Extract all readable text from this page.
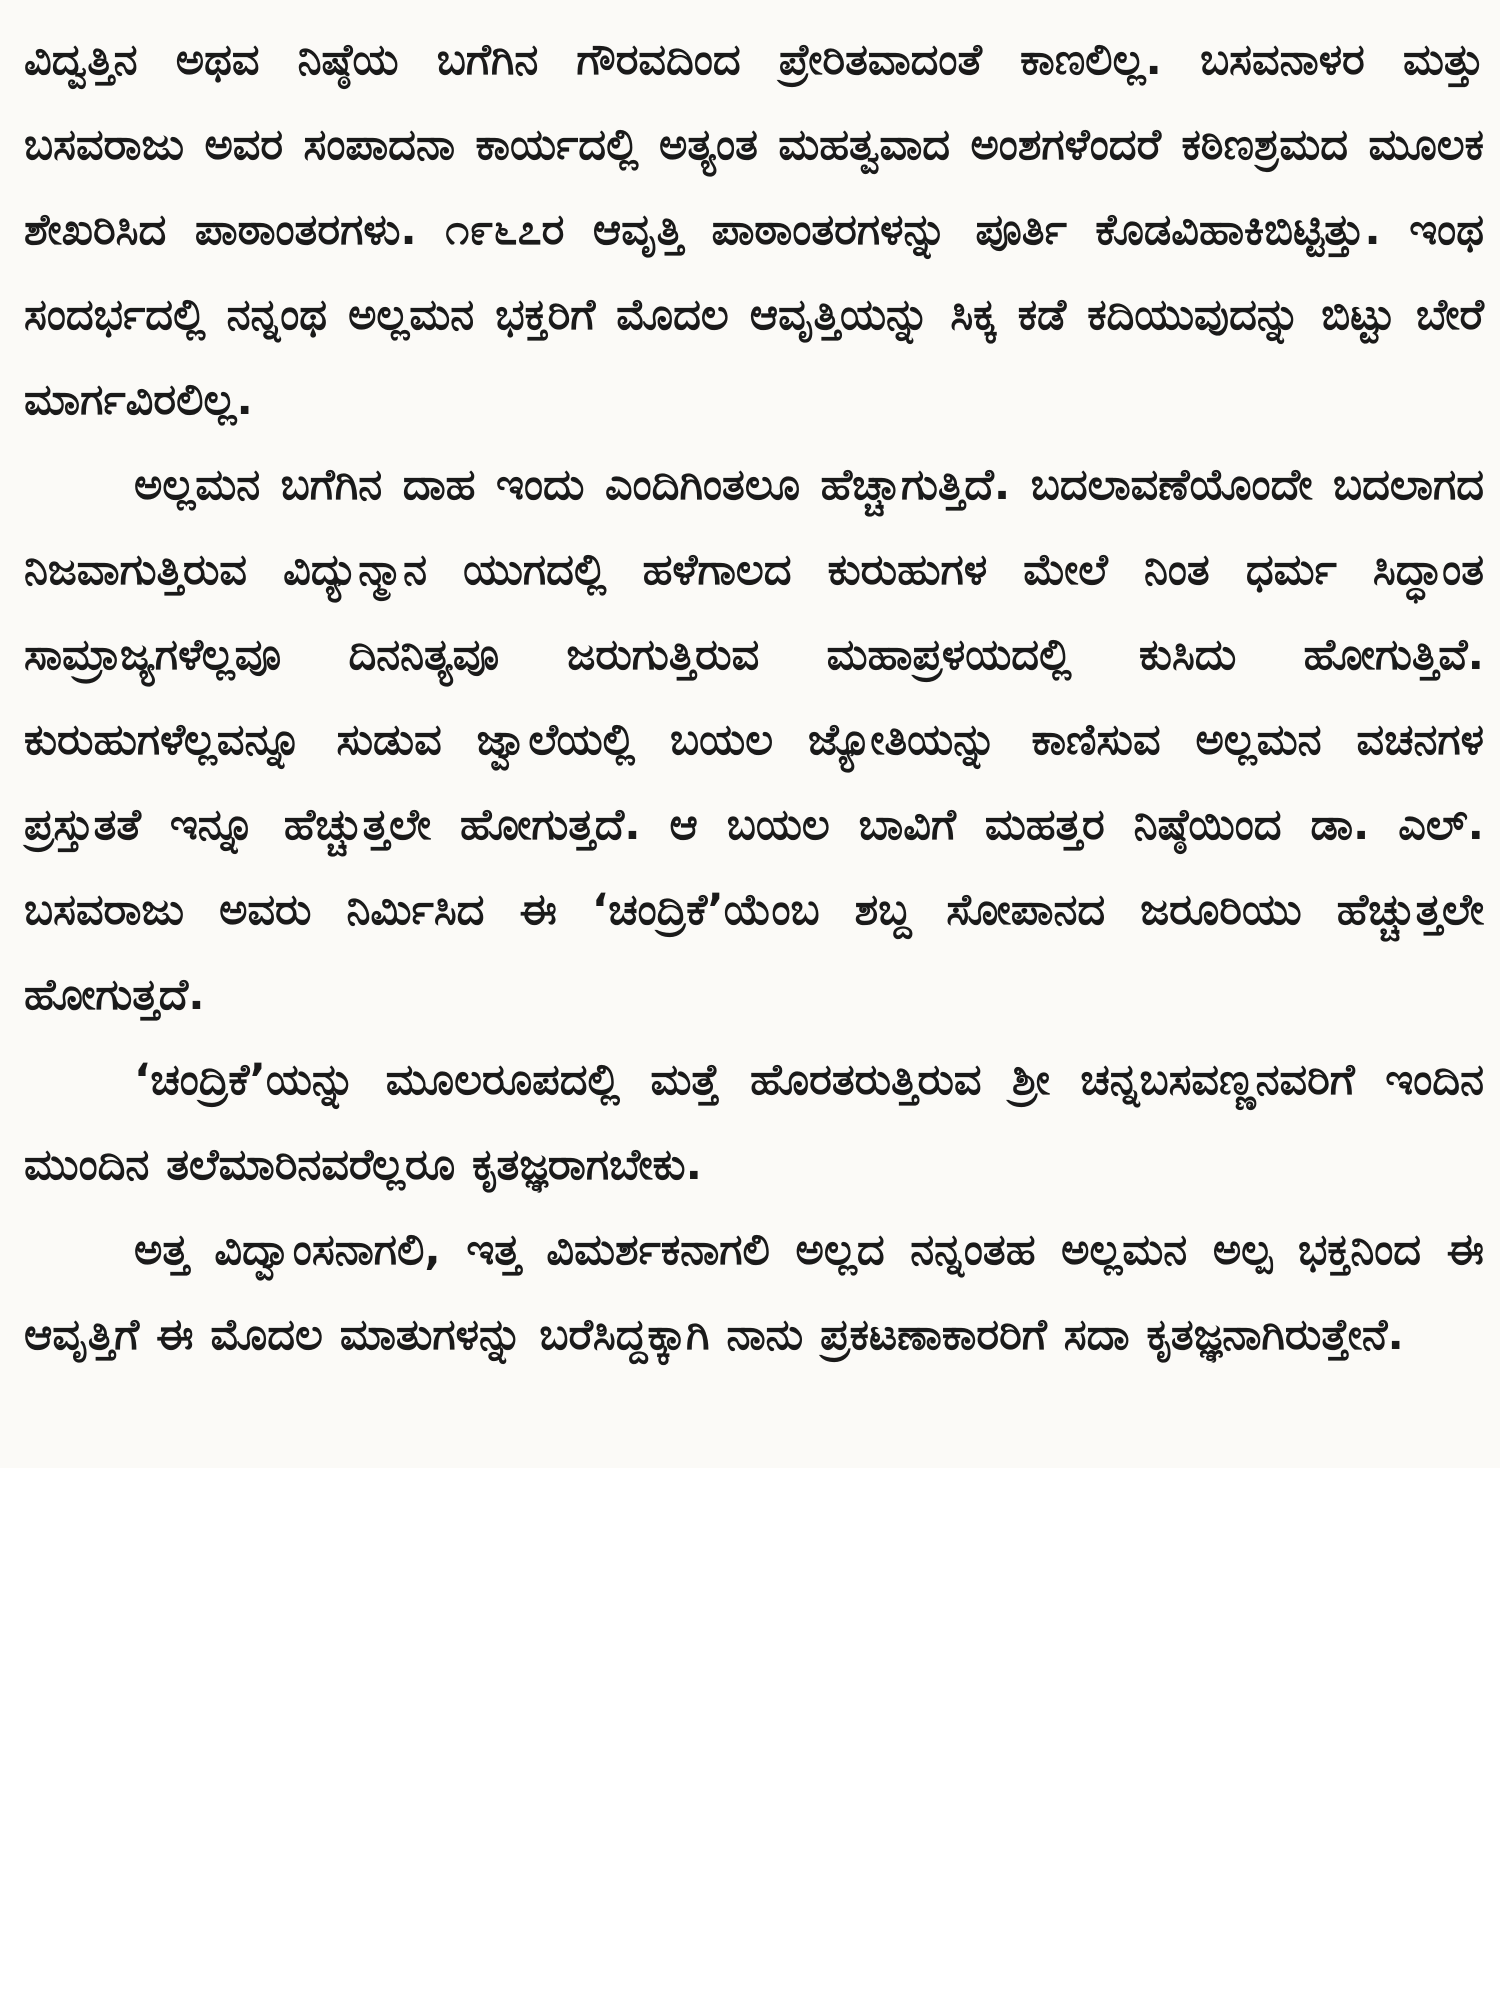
ವಿದ್ವತ್ತಿನ ಅಥವ ನಿಷ್ಠೆಯ ಬಗೆಗಿನ ಗೌರವದಿಂದ ಪ್ರೇರಿತವಾದಂತೆ ಕಾಣಲಿಲ್ಲ. ಬಸವನಾಳರ ಮತ್ತು ಬಸವರಾಜು ಅವರ ಸಂಪಾದನಾ ಕಾರ್ಯದಲ್ಲಿ ಅತ್ಯಂತ ಮಹತ್ವವಾದ ಅಂಶಗಳೆಂದರೆ ಕಠಿಣಶ್ರಮದ ಮೂಲಕ ಶೇಖರಿಸಿದ ಪಾಠಾಂತರಗಳು. ೧೯೬೭ರ ಆವೃತ್ತಿ ಪಾಠಾಂತರಗಳನ್ನು ಪೂರ್ತಿ ಕೊಡವಿಹಾಕಿಬಿಟ್ಟಿತ್ತು. ಇಂಥ ಸಂದರ್ಭದಲ್ಲಿ ನನ್ನಂಥ ಅಲ್ಲಮನ ಭಕ್ತರಿಗೆ ಮೊದಲ ಆವೃತ್ತಿಯನ್ನು ಸಿಕ್ಕ ಕಡೆ ಕದಿಯುವುದನ್ನು ಬಿಟ್ಟು ಬೇರೆ ಮಾರ್ಗವಿರಲಿಲ್ಲ.

ಅಲ್ಲಮನ ಬಗೆಗಿನ ದಾಹ ಇಂದು ಎಂದಿಗಿಂತಲೂ ಹೆಚ್ಚಾಗುತ್ತಿದೆ. ಬದಲಾವಣೆಯೊಂದೇ ಬದಲಾಗದ ನಿಜವಾಗುತ್ತಿರುವ ವಿದ್ಯುನ್ಮಾನ ಯುಗದಲ್ಲಿ ಹಳೆಗಾಲದ ಕುರುಹುಗಳ ಮೇಲೆ ನಿಂತ ಧರ್ಮ ಸಿದ್ಧಾಂತ ಸಾಮ್ರಾಜ್ಯಗಳೆಲ್ಲವೂ ದಿನನಿತ್ಯವೂ ಜರುಗುತ್ತಿರುವ ಮಹಾಪ್ರಳಯದಲ್ಲಿ ಕುಸಿದು ಹೋಗುತ್ತಿವೆ. ಕುರುಹುಗಳೆಲ್ಲವನ್ನೂ ಸುಡುವ ಜ್ವಾಲೆಯಲ್ಲಿ ಬಯಲ ಜ್ಯೋತಿಯನ್ನು ಕಾಣಿಸುವ ಅಲ್ಲಮನ ವಚನಗಳ ಪ್ರಸ್ತುತತೆ ಇನ್ನೂ ಹೆಚ್ಚುತ್ತಲೇ ಹೋಗುತ್ತದೆ. ಆ ಬಯಲ ಬಾವಿಗೆ ಮಹತ್ತರ ನಿಷ್ಠೆಯಿಂದ ಡಾ. ಎಲ್. ಬಸವರಾಜು ಅವರು ನಿರ್ಮಿಸಿದ ಈ ‘ಚಂದ್ರಿಕೆ’ಯೆಂಬ ಶಬ್ದ ಸೋಪಾನದ ಜರೂರಿಯು ಹೆಚ್ಚುತ್ತಲೇ ಹೋಗುತ್ತದೆ.

‘ಚಂದ್ರಿಕೆ’ಯನ್ನು ಮೂಲರೂಪದಲ್ಲಿ ಮತ್ತೆ ಹೊರತರುತ್ತಿರುವ ಶ್ರೀ ಚನ್ನಬಸವಣ್ಣನವರಿಗೆ ಇಂದಿನ ಮುಂದಿನ ತಲೆಮಾರಿನವರೆಲ್ಲರೂ ಕೃತಜ್ಞರಾಗಬೇಕು.

ಅತ್ತ ವಿದ್ವಾಂಸನಾಗಲಿ, ಇತ್ತ ವಿಮರ್ಶಕನಾಗಲಿ ಅಲ್ಲದ ನನ್ನಂತಹ ಅಲ್ಲಮನ ಅಲ್ಪ ಭಕ್ತನಿಂದ ಈ ಆವೃತ್ತಿಗೆ ಈ ಮೊದಲ ಮಾತುಗಳನ್ನು ಬರೆಸಿದ್ದಕ್ಕಾಗಿ ನಾನು ಪ್ರಕಟಣಾಕಾರರಿಗೆ ಸದಾ ಕೃತಜ್ಞನಾಗಿರುತ್ತೇನೆ.
